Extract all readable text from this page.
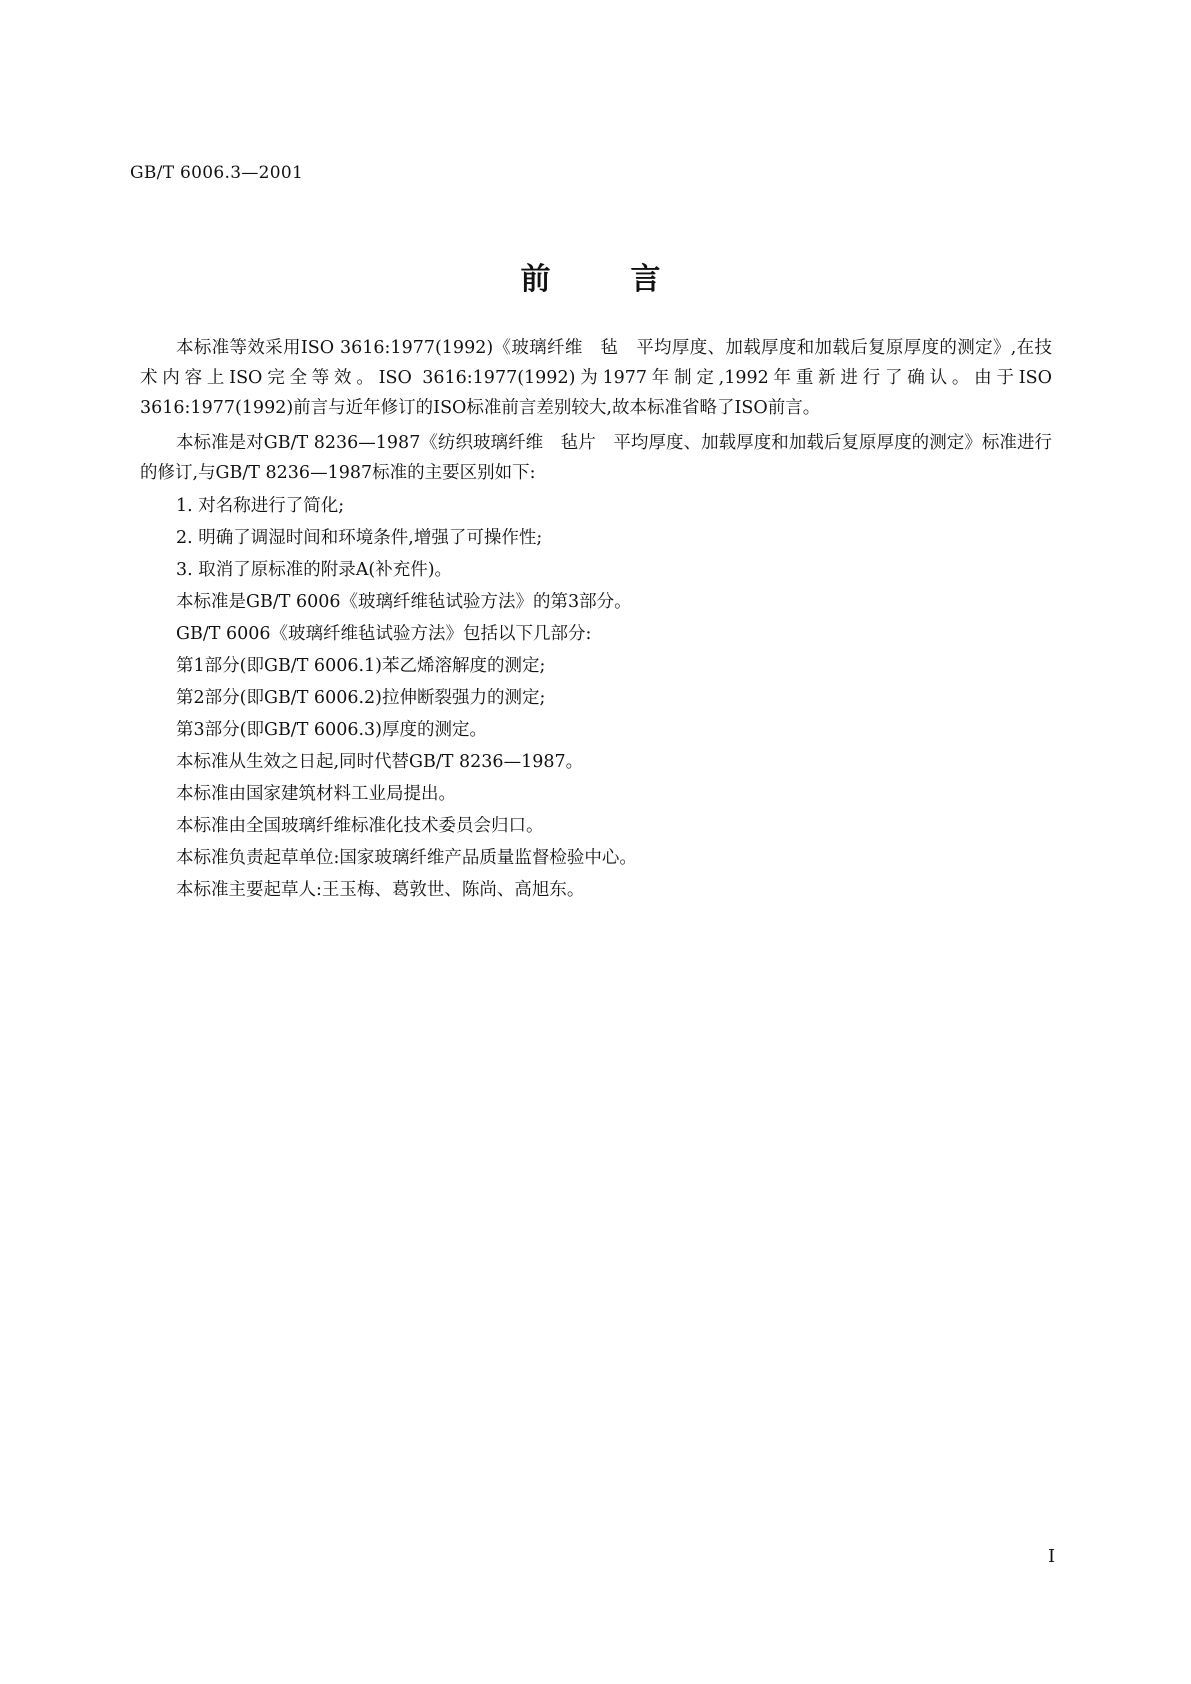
GB/T 6006.3—2001
前言

本标准等效采用ISO 3616:1977(1992)《玻璃纤维　毡　平均厚度、加载厚度和加载后复原厚度的测定》,在技术内容上ISO完全等效。ISO 3616:1977(1992)为1977年制定,1992年重新进行了确认。由于ISO 3616:1977(1992)前言与近年修订的ISO标准前言差别较大,故本标准省略了ISO前言。

本标准是对GB/T 8236—1987《纺织玻璃纤维　毡片　平均厚度、加载厚度和加载后复原厚度的测定》标准进行的修订,与GB/T 8236—1987标准的主要区别如下:

1. 对名称进行了简化;
2. 明确了调湿时间和环境条件,增强了可操作性;
3. 取消了原标准的附录A(补充件)。
本标准是GB/T 6006《玻璃纤维毡试验方法》的第3部分。
GB/T 6006《玻璃纤维毡试验方法》包括以下几部分:
第1部分(即GB/T 6006.1)苯乙烯溶解度的测定;
第2部分(即GB/T 6006.2)拉伸断裂强力的测定;
第3部分(即GB/T 6006.3)厚度的测定。
本标准从生效之日起,同时代替GB/T 8236—1987。
本标准由国家建筑材料工业局提出。
本标准由全国玻璃纤维标准化技术委员会归口。
本标准负责起草单位:国家玻璃纤维产品质量监督检验中心。
本标准主要起草人:王玉梅、葛敦世、陈尚、高旭东。
I
